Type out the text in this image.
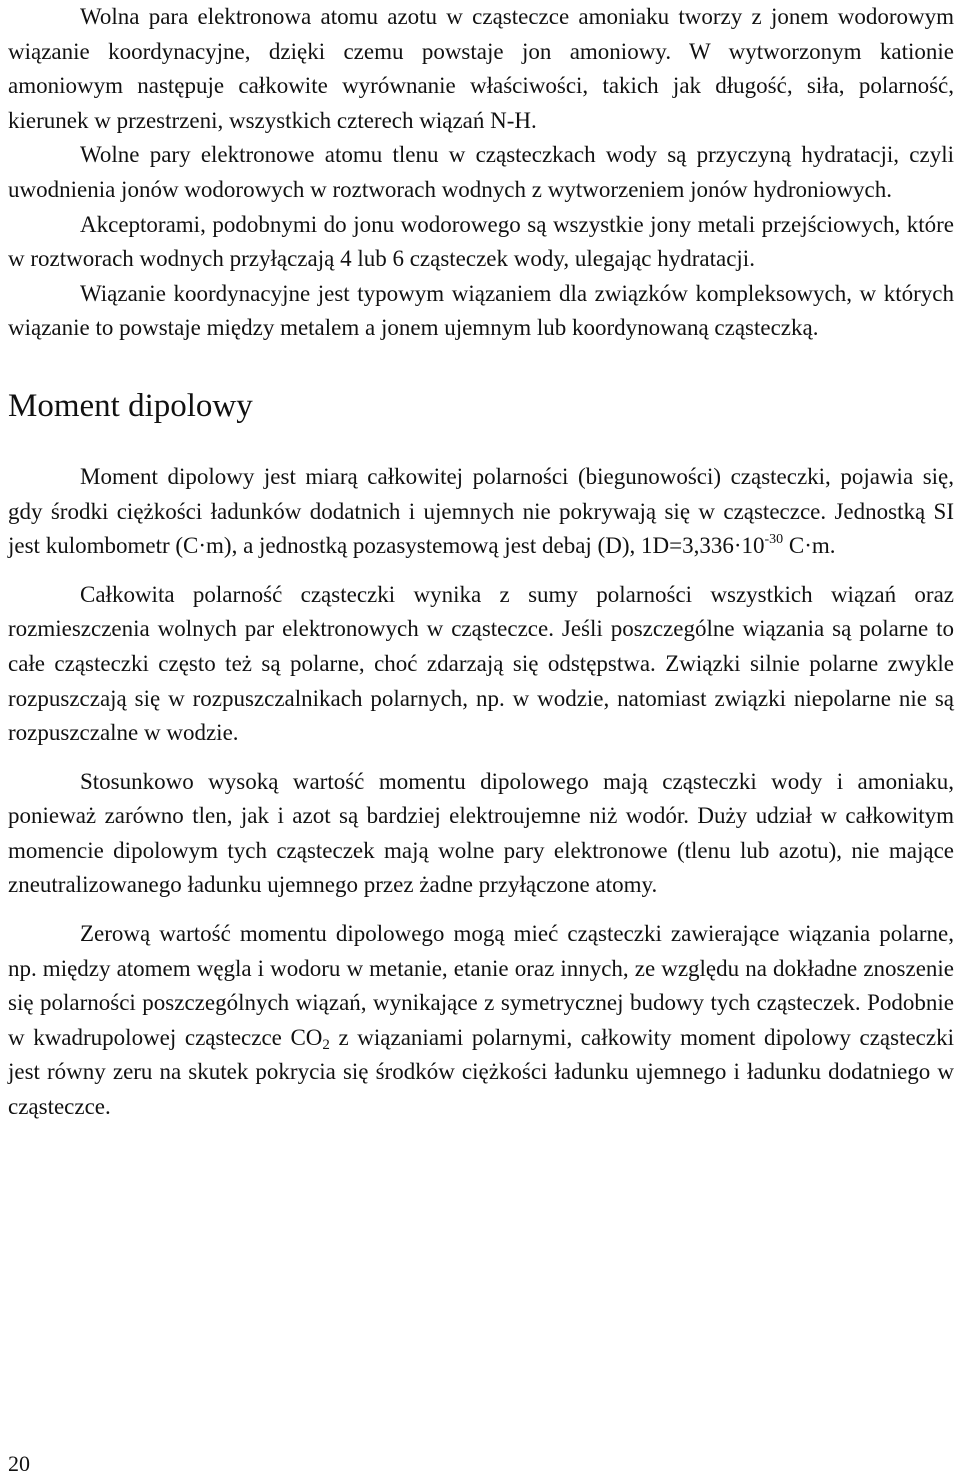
Wolna para elektronowa atomu azotu w cząsteczce amoniaku tworzy z jonem wodorowym wiązanie koordynacyjne, dzięki czemu powstaje jon amoniowy. W wytworzonym kationie amoniowym następuje całkowite wyrównanie właściwości, takich jak długość, siła, polarność, kierunek w przestrzeni, wszystkich czterech wiązań N-H.

Wolne pary elektronowe atomu tlenu w cząsteczkach wody są przyczyną hydratacji, czyli uwodnienia jonów wodorowych w roztworach wodnych z wytworzeniem jonów hydroniowych.

Akceptorami, podobnymi do jonu wodorowego są wszystkie jony metali przejściowych, które w roztworach wodnych przyłączają 4 lub 6 cząsteczek wody, ulegając hydratacji.

Wiązanie koordynacyjne jest typowym wiązaniem dla związków kompleksowych, w których wiązanie to powstaje między metalem a jonem ujemnym lub koordynowaną cząsteczką.

Moment dipolowy

Moment dipolowy jest miarą całkowitej polarności (biegunowości) cząsteczki, pojawia się, gdy środki ciężkości ładunków dodatnich i ujemnych nie pokrywają się w cząsteczce. Jednostką SI jest kulombometr (C·m), a jednostką pozasystemową jest debaj (D), $1D=3,336\cdot 10^{-30}$ C·m.

Całkowita polarność cząsteczki wynika z sumy polarności wszystkich wiązań oraz rozmieszczenia wolnych par elektronowych w cząsteczce. Jeśli poszczególne wiązania są polarne to całe cząsteczki często też są polarne, choć zdarzają się odstępstwa. Związki silnie polarne zwykle rozpuszczają się w rozpuszczalnikach polarnych, np. w wodzie, natomiast związki niepolarne nie są rozpuszczalne w wodzie.

Stosunkowo wysoką wartość momentu dipolowego mają cząsteczki wody i amoniaku, ponieważ zarówno tlen, jak i azot są bardziej elektroujemne niż wodór. Duży udział w całkowitym momencie dipolowym tych cząsteczek mają wolne pary elektronowe (tlenu lub azotu), nie mające zneutralizowanego ładunku ujemnego przez żadne przyłączone atomy.

Zerową wartość momentu dipolowego mogą mieć cząsteczki zawierające wiązania polarne, np. między atomem węgla i wodoru w metanie, etanie oraz innych, ze względu na dokładne znoszenie się polarności poszczególnych wiązań, wynikające z symetrycznej budowy tych cząsteczek. Podobnie w kwadrupolowej cząsteczce $CO_2$ z wiązaniami polarnymi, całkowity moment dipolowy cząsteczki jest równy zeru na skutek pokrycia się środków ciężkości ładunku ujemnego i ładunku dodatniego w cząsteczce.

20
